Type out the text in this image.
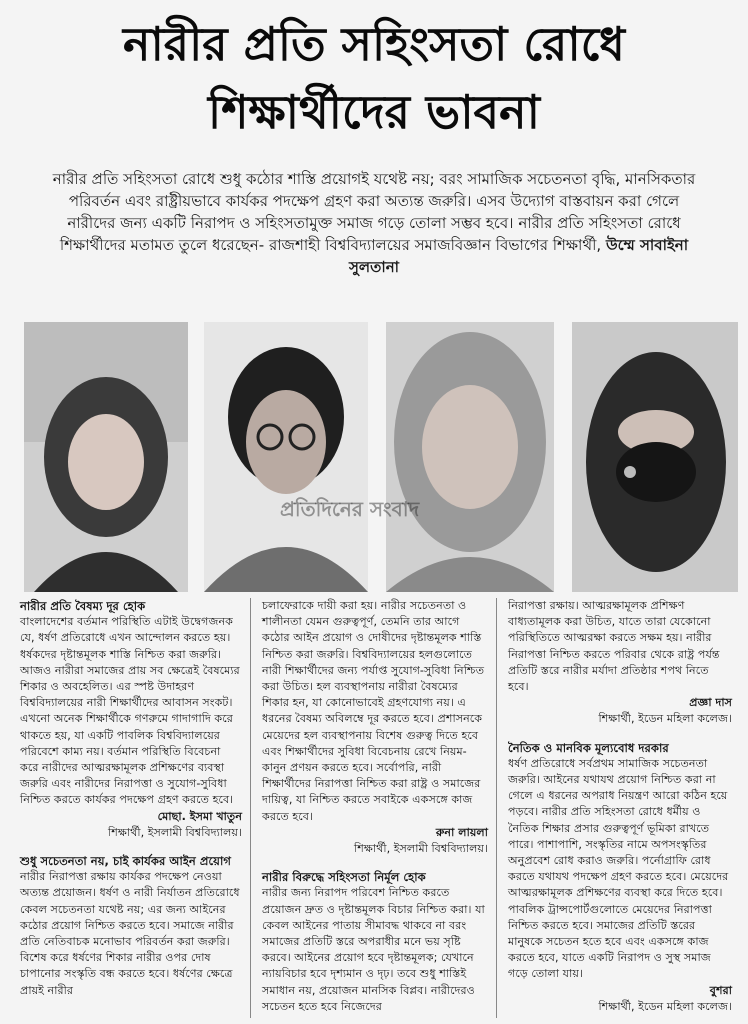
নারীর প্রতি সহিংসতা রোধে
শিক্ষার্থীদের ভাবনা
নারীর প্রতি সহিংসতা রোধে শুধু কঠোর শাস্তি প্রয়োগই যথেষ্ট নয়; বরং সামাজিক সচেতনতা বৃদ্ধি, মানসিকতার পরিবর্তন এবং রাষ্ট্রীয়ভাবে কার্যকর পদক্ষেপ গ্রহণ করা অত্যন্ত জরুরি। এসব উদ্যোগ বাস্তবায়ন করা গেলে নারীদের জন্য একটি নিরাপদ ও সহিংসতামুক্ত সমাজ গড়ে তোলা সম্ভব হবে। নারীর প্রতি সহিংসতা রোধে শিক্ষার্থীদের মতামত তুলে ধরেছেন- রাজশাহী বিশ্ববিদ্যালয়ের সমাজবিজ্ঞান বিভাগের শিক্ষার্থী, উম্মে সাবাইনা সুলতানা
প্রতিদিনের সংবাদ

নারীর প্রতি বৈষম্য দূর হোক

বাংলাদেশের বর্তমান পরিস্থিতি এটাই উদ্বেগজনক যে, ধর্ষণ প্রতিরোধে এখন আন্দোলন করতে হয়। ধর্ষকদের দৃষ্টান্তমূলক শাস্তি নিশ্চিত করা জরুরি। আজও নারীরা সমাজের প্রায় সব ক্ষেত্রেই বৈষম্যের শিকার ও অবহেলিত। এর স্পষ্ট উদাহরণ বিশ্ববিদ্যালয়ের নারী শিক্ষার্থীদের আবাসন সংকট। এখনো অনেক শিক্ষার্থীকে গণরুমে গাদাগাদি করে থাকতে হয়, যা একটি পাবলিক বিশ্ববিদ্যালয়ের পরিবেশে কাম্য নয়। বর্তমান পরিস্থিতি বিবেচনা করে নারীদের আত্মরক্ষামূলক প্রশিক্ষণের ব্যবস্থা জরুরি এবং নারীদের নিরাপত্তা ও সুযোগ-সুবিধা নিশ্চিত করতে কার্যকর পদক্ষেপ গ্রহণ করতে হবে।

মোছা. ইসমা খাতুন

শিক্ষার্থী, ইসলামী বিশ্ববিদ্যালয়।

শুধু সচেতনতা নয়, চাই কার্যকর আইন প্রয়োগ

নারীর নিরাপত্তা রক্ষায় কার্যকর পদক্ষেপ নেওয়া অত্যন্ত প্রয়োজন। ধর্ষণ ও নারী নির্যাতন প্রতিরোধে কেবল সচেতনতা যথেষ্ট নয়; এর জন্য আইনের কঠোর প্রয়োগ নিশ্চিত করতে হবে। সমাজে নারীর প্রতি নেতিবাচক মনোভাব পরিবর্তন করা জরুরি। বিশেষ করে ধর্ষণের শিকার নারীর ওপর দোষ চাপানোর সংস্কৃতি বন্ধ করতে হবে। ধর্ষণের ক্ষেত্রে প্রায়ই নারীর

চলাফেরাকে দায়ী করা হয়। নারীর সচেতনতা ও শালীনতা যেমন গুরুত্বপূর্ণ, তেমনি তার আগে কঠোর আইন প্রয়োগ ও দোষীদের দৃষ্টান্তমূলক শাস্তি নিশ্চিত করা জরুরি। বিশ্ববিদ্যালয়ের হলগুলোতে নারী শিক্ষার্থীদের জন্য পর্যাপ্ত সুযোগ-সুবিধা নিশ্চিত করা উচিত। হল ব্যবস্থাপনায় নারীরা বৈষম্যের শিকার হন, যা কোনোভাবেই গ্রহণযোগ্য নয়। এ ধরনের বৈষম্য অবিলম্বে দূর করতে হবে। প্রশাসনকে মেয়েদের হল ব্যবস্থাপনায় বিশেষ গুরুত্ব দিতে হবে এবং শিক্ষার্থীদের সুবিধা বিবেচনায় রেখে নিয়ম-কানুন প্রণয়ন করতে হবে। সর্বোপরি, নারী শিক্ষার্থীদের নিরাপত্তা নিশ্চিত করা রাষ্ট্র ও সমাজের দায়িত্ব, যা নিশ্চিত করতে সবাইকে একসঙ্গে কাজ করতে হবে।

রুনা লায়লা

শিক্ষার্থী, ইসলামী বিশ্ববিদ্যালয়।

নারীর বিরুদ্ধে সহিংসতা নির্মূল হোক

নারীর জন্য নিরাপদ পরিবেশ নিশ্চিত করতে প্রয়োজন দ্রুত ও দৃষ্টান্তমূলক বিচার নিশ্চিত করা। যা কেবল আইনের পাতায় সীমাবদ্ধ থাকবে না বরং সমাজের প্রতিটি স্তরে অপরাধীর মনে ভয় সৃষ্টি করবে। আইনের প্রয়োগ হবে দৃষ্টান্তমূলক; যেখানে ন্যায়বিচার হবে দৃশ্যমান ও দৃঢ়। তবে শুধু শাস্তিই সমাধান নয়, প্রয়োজন মানসিক বিপ্লব। নারীদেরও সচেতন হতে হবে নিজেদের

নিরাপত্তা রক্ষায়। আত্মরক্ষামূলক প্রশিক্ষণ বাধ্যতামূলক করা উচিত, যাতে তারা যেকোনো পরিস্থিতিতে আত্মরক্ষা করতে সক্ষম হয়। নারীর নিরাপত্তা নিশ্চিত করতে পরিবার থেকে রাষ্ট্র পর্যন্ত প্রতিটি স্তরে নারীর মর্যাদা প্রতিষ্ঠার শপথ নিতে হবে।

প্রজ্ঞা দাস

শিক্ষার্থী, ইডেন মহিলা কলেজ।

নৈতিক ও মানবিক মূল্যবোধ দরকার

ধর্ষণ প্রতিরোধে সর্বপ্রথম সামাজিক সচেতনতা জরুরি। আইনের যথাযথ প্রয়োগ নিশ্চিত করা না গেলে এ ধরনের অপরাধ নিয়ন্ত্রণ আরো কঠিন হয়ে পড়বে। নারীর প্রতি সহিংসতা রোধে ধর্মীয় ও নৈতিক শিক্ষার প্রসার গুরুত্বপূর্ণ ভূমিকা রাখতে পারে। পাশাপাশি, সংস্কৃতির নামে অপসংস্কৃতির অনুপ্রবেশ রোধ করাও জরুরি। পর্নোগ্রাফি রোধ করতে যথাযথ পদক্ষেপ গ্রহণ করতে হবে। মেয়েদের আত্মরক্ষামূলক প্রশিক্ষণের ব্যবস্থা করে দিতে হবে। পাবলিক ট্রান্সপোর্টগুলোতে মেয়েদের নিরাপত্তা নিশ্চিত করতে হবে। সমাজের প্রতিটি স্তরের মানুষকে সচেতন হতে হবে এবং একসঙ্গে কাজ করতে হবে, যাতে একটি নিরাপদ ও সুস্থ সমাজ গড়ে তোলা যায়।

বুশরা

শিক্ষার্থী, ইডেন মহিলা কলেজ।
